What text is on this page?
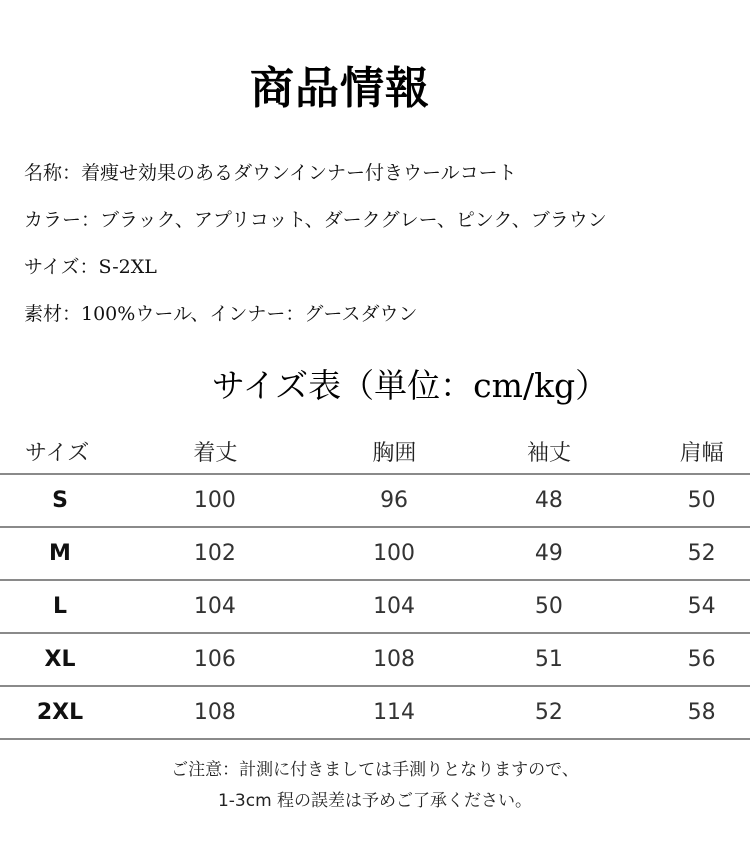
商品情報
名称：着痩せ効果のあるダウンインナー付きウールコート
カラー：ブラック、アプリコット、ダークグレー、ピンク、ブラウン
サイズ：S-2XL
素材：100%ウール、インナー：グースダウン
サイズ表（単位：cm/kg）
サイズ	着丈	胸囲	袖丈	肩幅
S	100	96	48	50
M	102	100	49	52
L	104	104	50	54
XL	106	108	51	56
2XL	108	114	52	58
ご注意：計測に付きましては手測りとなりますので、
1-3cm 程の誤差は予めご了承ください。
